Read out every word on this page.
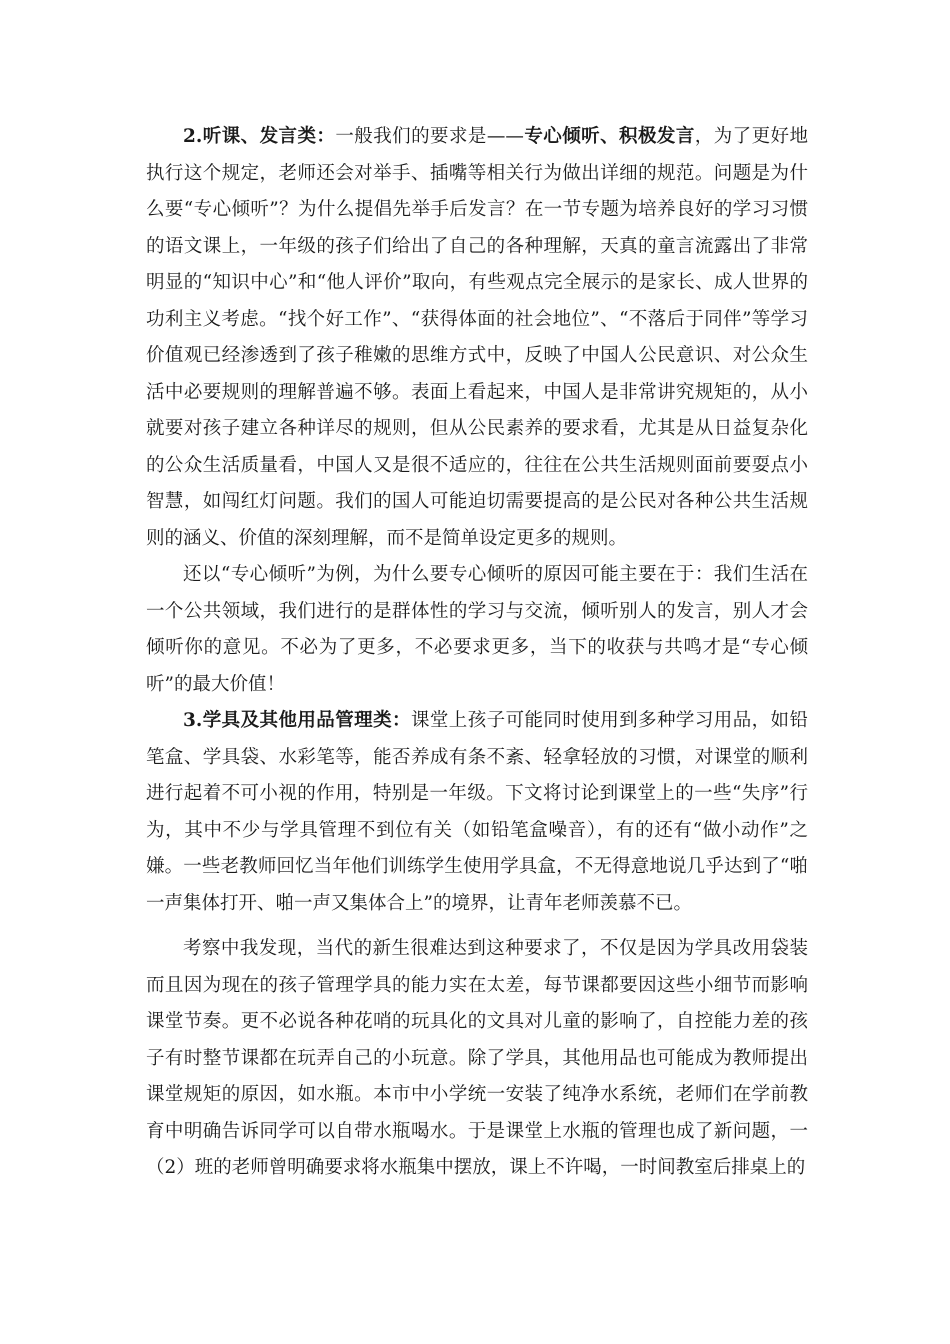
2.听课、发言类：一般我们的要求是——专心倾听、积极发言，为了更好地执行这个规定，老师还会对举手、插嘴等相关行为做出详细的规范。问题是为什么要“专心倾听”？为什么提倡先举手后发言？在一节专题为培养良好的学习习惯的语文课上，一年级的孩子们给出了自己的各种理解，天真的童言流露出了非常明显的“知识中心”和“他人评价”取向，有些观点完全展示的是家长、成人世界的功利主义考虑。“找个好工作”、“获得体面的社会地位”、“不落后于同伴”等学习价值观已经渗透到了孩子稚嫩的思维方式中，反映了中国人公民意识、对公众生活中必要规则的理解普遍不够。表面上看起来，中国人是非常讲究规矩的，从小就要对孩子建立各种详尽的规则，但从公民素养的要求看，尤其是从日益复杂化的公众生活质量看，中国人又是很不适应的，往往在公共生活规则面前要耍点小智慧，如闯红灯问题。我们的国人可能迫切需要提高的是公民对各种公共生活规则的涵义、价值的深刻理解，而不是简单设定更多的规则。

还以“专心倾听”为例，为什么要专心倾听的原因可能主要在于：我们生活在一个公共领域，我们进行的是群体性的学习与交流，倾听别人的发言，别人才会倾听你的意见。不必为了更多，不必要求更多，当下的收获与共鸣才是“专心倾听”的最大价值！

3.学具及其他用品管理类：课堂上孩子可能同时使用到多种学习用品，如铅笔盒、学具袋、水彩笔等，能否养成有条不紊、轻拿轻放的习惯，对课堂的顺利进行起着不可小视的作用，特别是一年级。下文将讨论到课堂上的一些“失序”行为，其中不少与学具管理不到位有关（如铅笔盒噪音），有的还有“做小动作”之嫌。一些老教师回忆当年他们训练学生使用学具盒，不无得意地说几乎达到了“啪一声集体打开、啪一声又集体合上”的境界，让青年老师羡慕不已。

考察中我发现，当代的新生很难达到这种要求了，不仅是因为学具改用袋装而且因为现在的孩子管理学具的能力实在太差，每节课都要因这些小细节而影响课堂节奏。更不必说各种花哨的玩具化的文具对儿童的影响了，自控能力差的孩子有时整节课都在玩弄自己的小玩意。除了学具，其他用品也可能成为教师提出课堂规矩的原因，如水瓶。本市中小学统一安装了纯净水系统，老师们在学前教育中明确告诉同学可以自带水瓶喝水。于是课堂上水瓶的管理也成了新问题，一（2）班的老师曾明确要求将水瓶集中摆放，课上不许喝，一时间教室后排桌上的
